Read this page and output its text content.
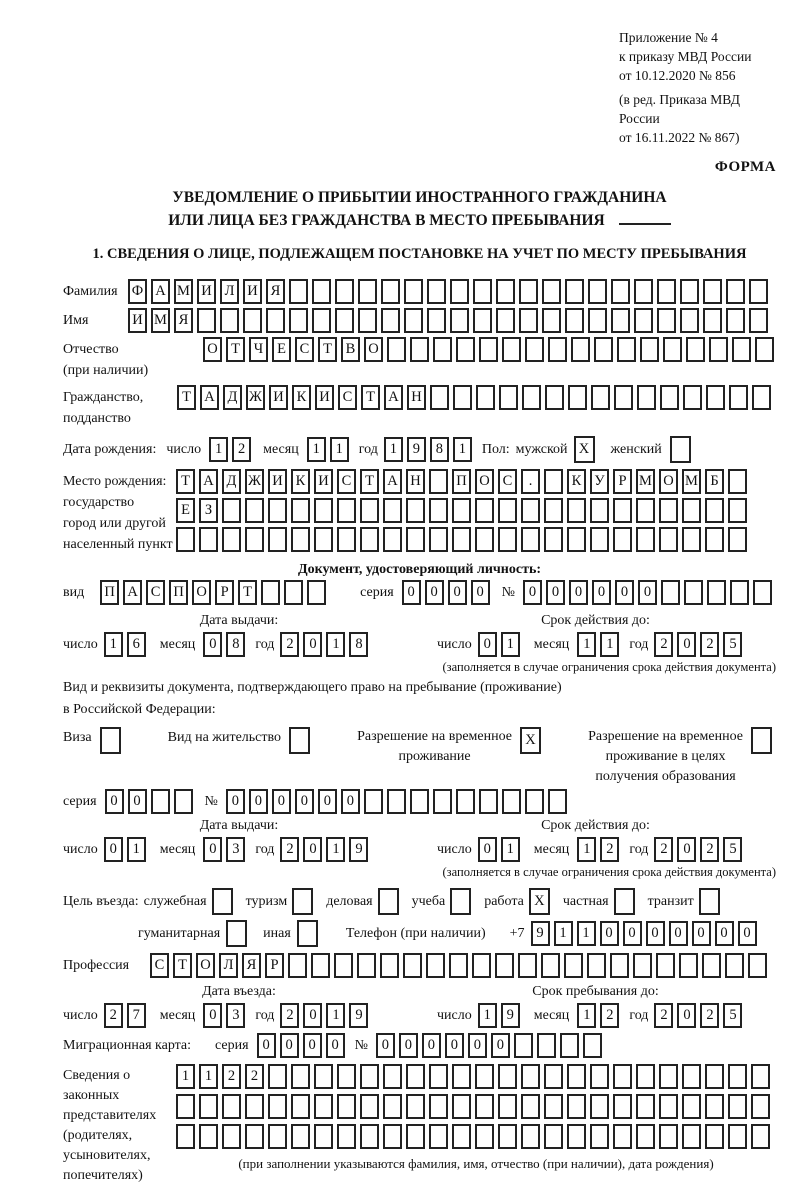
Приложение № 4
к приказу МВД России
от 10.12.2020 № 856
(в ред. Приказа МВД России
от 16.11.2022 № 867)
ФОРМА
УВЕДОМЛЕНИЕ О ПРИБЫТИИ ИНОСТРАННОГО ГРАЖДАНИНА
ИЛИ ЛИЦА БЕЗ ГРАЖДАНСТВА В МЕСТО ПРЕБЫВАНИЯ
1. СВЕДЕНИЯ О ЛИЦЕ, ПОДЛЕЖАЩЕМ ПОСТАНОВКЕ НА УЧЕТ ПО МЕСТУ ПРЕБЫВАНИЯ
Фамилия Ф А М И Л И Я
Имя	И М Я
Отчество
(при наличии)
О Т Ч Е С Т В О
Гражданство,
подданство
Т А Д Ж И К И С Т А Н
Дата рождения: число 1	2	месяц 1	1	год 1	9	8	1	Пол: мужской X	женский
Место рождения:
государство
город или другой
населенный пункт
Т А Д Ж И К И С Т А Н П О С	.	К У Р М О М Б
Е	З
Документ, удостоверяющий личность:
вид	П А С П О Р	Т	серия 0	0	0	0	№ 0	0	0	0	0	0
Дата выдачи:
число 1	6	месяц 0	8	год 2	0	1	8
Срок действия до:
число 0	1	месяц 1	1	год 2	0	2	5
(заполняется в случае ограничения срока действия документа)
Вид и реквизиты документа, подтверждающего право на пребывание (проживание)
в Российской Федерации:
Виза	Вид на жительство	Разрешение на временное
проживание
X	Разрешение на временное
проживание в целях
получения образования
серия 0	0	№ 0	0	0	0	0	0
Дата выдачи:
число 0	1	месяц 0	3	год 2	0	1	9
Срок действия до:
число 0	1	месяц 1	2	год 2	0	2	5
(заполняется в случае ограничения срока действия документа)
Цель въезда: служебная	туризм	деловая	учеба	работа X	частная	транзит
гуманитарная	иная	Телефон (при наличии) +7 9	1	1	0	0	0	0	0	0	0
Профессия	С Т О Л Я Р
Дата въезда:
число 2	7	месяц 0	3	год 2	0	1	9
Срок пребывания до:
число 1	9	месяц 1	2	год 2	0	2	5
Миграционная карта: серия 0	0	0	0	№ 0	0	0	0	0	0
Сведения о
законных
представителях
(родителях,
усыновителях,
попечителях)
1	1	2	2

(при заполнении указываются фамилия, имя, отчество (при наличии), дата рождения)
